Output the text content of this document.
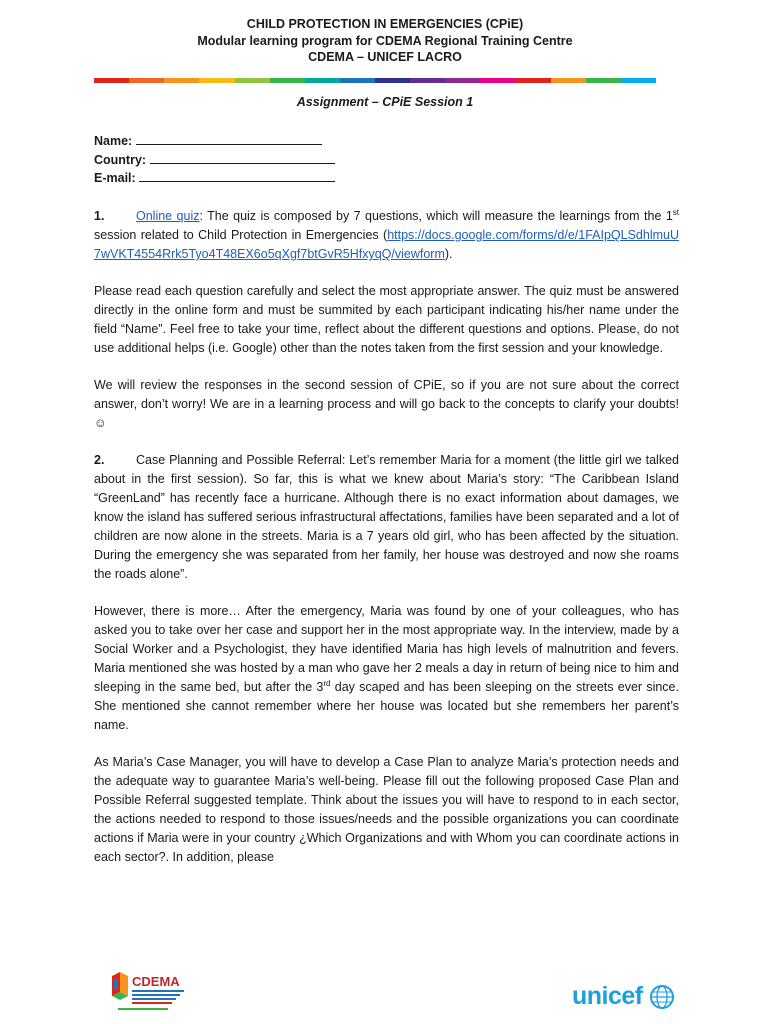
CHILD PROTECTION IN EMERGENCIES (CPiE)
Modular learning program for CDEMA Regional Training Centre
CDEMA – UNICEF LACRO
Assignment – CPiE Session 1
Name:
Country:
E-mail:

1.	Online quiz: The quiz is composed by 7 questions, which will measure the learnings from the 1st session related to Child Protection in Emergencies (https://docs.google.com/forms/d/e/1FAIpQLSdhlmuU7wVKT4554Rrk5Tyo4T48EX6o5qXgf7btGvR5HfxyqQ/viewform).

Please read each question carefully and select the most appropriate answer. The quiz must be answered directly in the online form and must be summited by each participant indicating his/her name under the field “Name”. Feel free to take your time, reflect about the different questions and options. Please, do not use additional helps (i.e. Google) other than the notes taken from the first session and your knowledge.

We will review the responses in the second session of CPiE, so if you are not sure about the correct answer, don’t worry! We are in a learning process and will go back to the concepts to clarify your doubts! ☺

2.	Case Planning and Possible Referral: Let’s remember Maria for a moment (the little girl we talked about in the first session). So far, this is what we knew about Maria’s story: “The Caribbean Island “GreenLand” has recently face a hurricane. Although there is no exact information about damages, we know the island has suffered serious infrastructural affectations, families have been separated and a lot of children are now alone in the streets. Maria is a 7 years old girl, who has been affected by the situation. During the emergency she was separated from her family, her house was destroyed and now she roams the roads alone”.

However, there is more… After the emergency, Maria was found by one of your colleagues, who has asked you to take over her case and support her in the most appropriate way. In the interview, made by a Social Worker and a Psychologist, they have identified Maria has high levels of malnutrition and fevers. Maria mentioned she was hosted by a man who gave her 2 meals a day in return of being nice to him and sleeping in the same bed, but after the 3rd day scaped and has been sleeping on the streets ever since. She mentioned she cannot remember where her house was located but she remembers her parent’s name.

As Maria’s Case Manager, you will have to develop a Case Plan to analyze Maria’s protection needs and the adequate way to guarantee Maria’s well-being. Please fill out the following proposed Case Plan and Possible Referral suggested template. Think about the issues you will have to respond to in each sector, the actions needed to respond to those issues/needs and the possible organizations you can coordinate actions if Maria were in your country ¿Which Organizations and with Whom you can coordinate actions in each sector?. In addition, please

CDEMA
unicef
